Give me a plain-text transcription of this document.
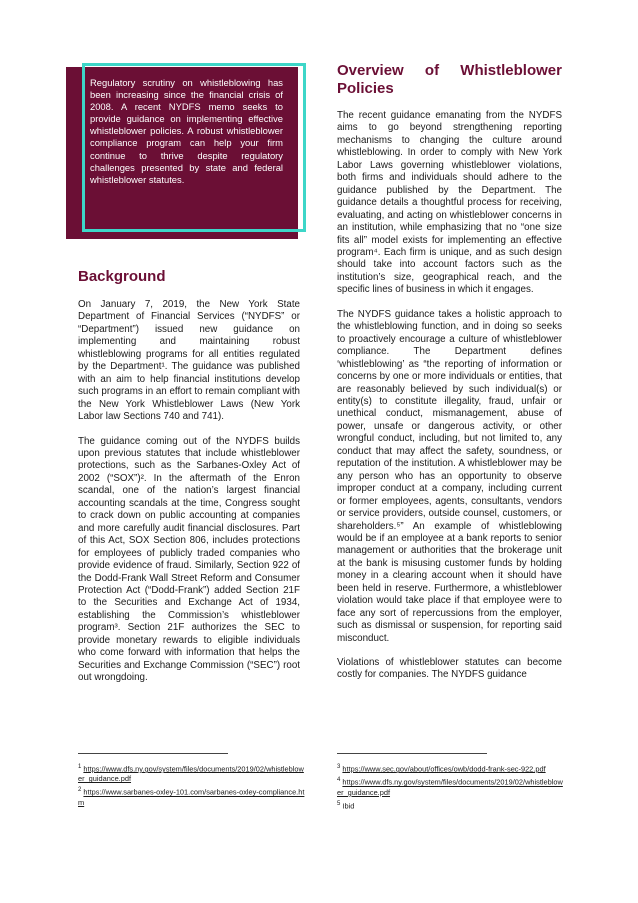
Regulatory scrutiny on whistleblowing has been increasing since the financial crisis of 2008. A recent NYDFS memo seeks to provide guidance on implementing effective whistleblower policies. A robust whistleblower compliance program can help your firm continue to thrive despite regulatory challenges presented by state and federal whistleblower statutes.
Background

On January 7, 2019, the New York State Department of Financial Services (“NYDFS” or “Department”) issued new guidance on implementing and maintaining robust whistleblowing programs for all entities regulated by the Department¹. The guidance was published with an aim to help financial institutions develop such programs in an effort to remain compliant with the New York Whistleblower Laws (New York Labor law Sections 740 and 741).

The guidance coming out of the NYDFS builds upon previous statutes that include whistleblower protections, such as the Sarbanes-Oxley Act of 2002 (“SOX”)². In the aftermath of the Enron scandal, one of the nation’s largest financial accounting scandals at the time, Congress sought to crack down on public accounting at companies and more carefully audit financial disclosures. Part of this Act, SOX Section 806, includes protections for employees of publicly traded companies who provide evidence of fraud. Similarly, Section 922 of the Dodd-Frank Wall Street Reform and Consumer Protection Act (“Dodd-Frank”) added Section 21F to the Securities and Exchange Act of 1934, establishing the Commission’s whistleblower program³. Section 21F authorizes the SEC to provide monetary rewards to eligible individuals who come forward with information that helps the Securities and Exchange Commission (“SEC”) root out wrongdoing.

Overview of Whistleblower Policies

The recent guidance emanating from the NYDFS aims to go beyond strengthening reporting mechanisms to changing the culture around whistleblowing. In order to comply with New York Labor Laws governing whistleblower violations, both firms and individuals should adhere to the guidance published by the Department. The guidance details a thoughtful process for receiving, evaluating, and acting on whistleblower concerns in an institution, while emphasizing that no “one size fits all” model exists for implementing an effective program⁴. Each firm is unique, and as such design should take into account factors such as the institution’s size, geographical reach, and the specific lines of business in which it engages.

The NYDFS guidance takes a holistic approach to the whistleblowing function, and in doing so seeks to proactively encourage a culture of whistleblower compliance. The Department defines ‘whistleblowing’ as “the reporting of information or concerns by one or more individuals or entities, that are reasonably believed by such individual(s) or entity(s) to constitute illegality, fraud, unfair or unethical conduct, mismanagement, abuse of power, unsafe or dangerous activity, or other wrongful conduct, including, but not limited to, any conduct that may affect the safety, soundness, or reputation of the institution. A whistleblower may be any person who has an opportunity to observe improper conduct at a company, including current or former employees, agents, consultants, vendors or service providers, outside counsel, customers, or shareholders.⁵” An example of whistleblowing would be if an employee at a bank reports to senior management or authorities that the brokerage unit at the bank is misusing customer funds by holding money in a clearing account when it should have been held in reserve. Furthermore, a whistleblower violation would take place if that employee were to face any sort of repercussions from the employer, such as dismissal or suspension, for reporting said misconduct.

Violations of whistleblower statutes can become costly for companies. The NYDFS guidance

$^1$ https://www.dfs.ny.gov/system/files/documents/2019/02/whistleblower_guidance.pdf
$^2$ https://www.sarbanes-oxley-101.com/sarbanes-oxley-compliance.htm
$^3$ https://www.sec.gov/about/offices/owb/dodd-frank-sec-922.pdf
$^4$ https://www.dfs.ny.gov/system/files/documents/2019/02/whistleblower_guidance.pdf
$^5$ Ibid
